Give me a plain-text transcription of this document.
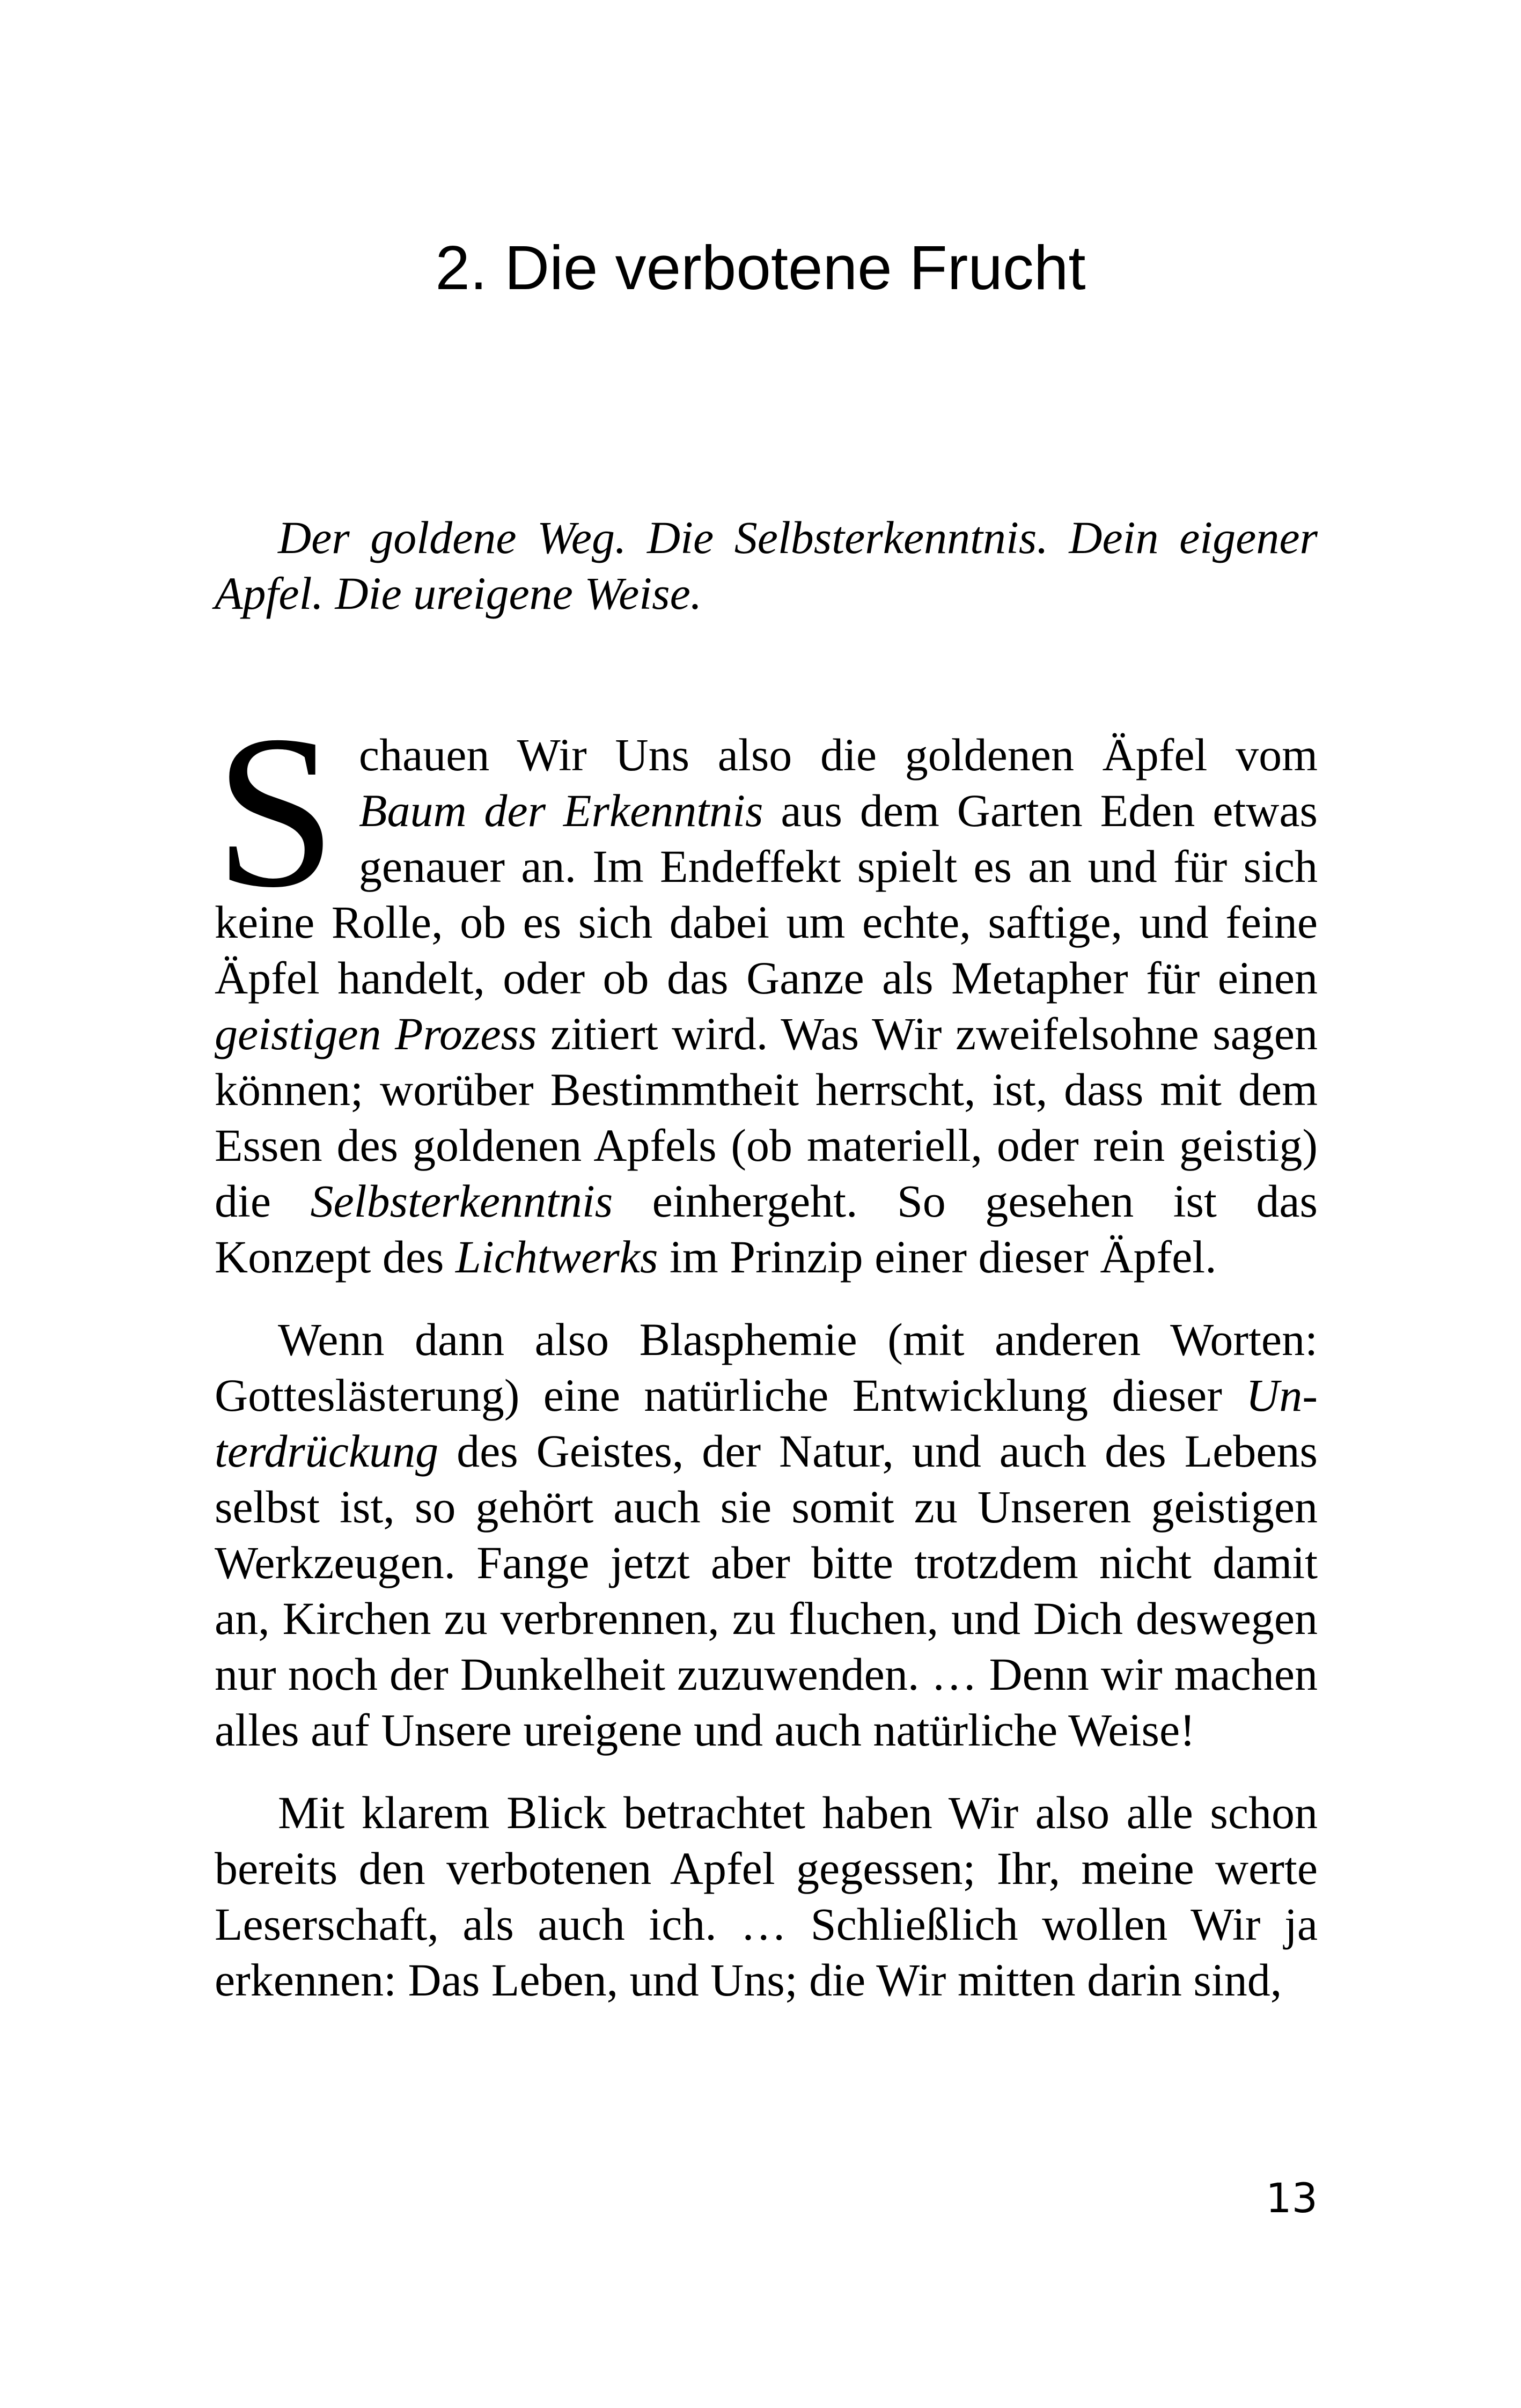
2. Die verbotene Frucht

Der goldene Weg. Die Selbsterkenntnis. Dein eigener Apfel. Die ureigene Weise.

Schauen Wir Uns also die goldenen Äpfel vom Baum der Erkenntnis aus dem Garten Eden etwas genauer an. Im Endeffekt spielt es an und für sich keine Rolle, ob es sich dabei um echte, saftige, und feine Äpfel handelt, oder ob das Ganze als Metapher für einen geistigen Prozess zitiert wird. Was Wir zweifelsohne sagen können; worüber Bestimmtheit herrscht, ist, dass mit dem Essen des goldenen Apfels (ob materiell, oder rein geistig) die Selbsterkenntnis einhergeht. So gesehen ist das Konzept des Lichtwerks im Prinzip einer dieser Äpfel.

Wenn dann also Blasphemie (mit anderen Worten: Gotteslästerung) eine natürliche Entwicklung dieser Unterdrückung des Geistes, der Natur, und auch des Lebens selbst ist, so gehört auch sie somit zu Unseren geistigen Werkzeugen. Fange jetzt aber bitte trotzdem nicht damit an, Kirchen zu verbrennen, zu fluchen, und Dich deswegen nur noch der Dunkelheit zuzuwenden. … Denn wir machen alles auf Unsere ureigene und auch natürliche Weise!

Mit klarem Blick betrachtet haben Wir also alle schon bereits den verbotenen Apfel gegessen; Ihr, meine werte Leserschaft, als auch ich. … Schließlich wollen Wir ja erkennen: Das Leben, und Uns; die Wir mitten darin sind,

13
